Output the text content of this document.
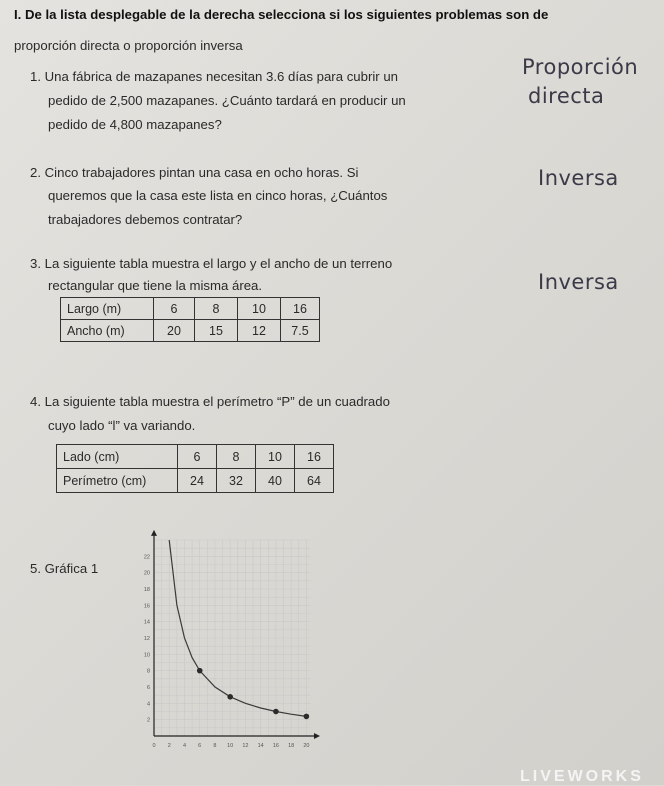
I. De la lista desplegable de la derecha selecciona si los siguientes problemas son de
proporción directa o proporción inversa
1. Una fábrica de mazapanes necesitan 3.6 días para cubrir un
pedido de 2,500 mazapanes. ¿Cuánto tardará en producir un
pedido de 4,800 mazapanes?
Proporción
directa
2. Cinco trabajadores pintan una casa en ocho horas. Si
queremos que la casa este lista en cinco horas, ¿Cuántos
trabajadores debemos contratar?
Inversa
3. La siguiente tabla muestra el largo y el ancho de un terreno
rectangular que tiene la misma área.	Inversa
Largo (m)	6	8	10	16
Ancho (m)	20	15	12	7.5
4. La siguiente tabla muestra el perímetro “P” de un cuadrado
cuyo lado “l” va variando.
Lado (cm)	6	8	10	16
Perímetro (cm)	24	32	40	64
5. Gráfica 1
0 2 4 6 8 10 12 14 16 18 20
2
4
6
8
10
12
14
16
18
20
22
LIVEWORKS
